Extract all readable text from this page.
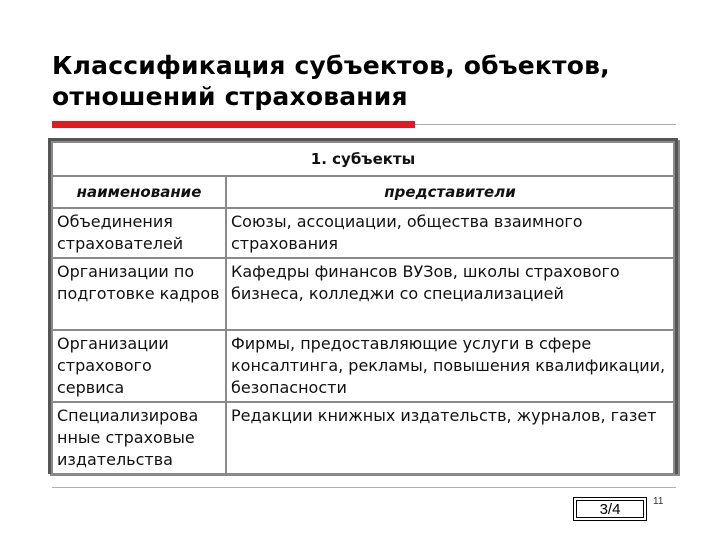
Классификация субъектов, объектов,
отношений страхования
1. субъекты	
наименование	представители
Объединения страхователей	Союзы, ассоциации, общества взаимного страхования
Организации по подготовке кадров	Кафедры финансов ВУЗов, школы страхового бизнеса, колледжи со специализацией
Организации страхового сервиса	Фирмы, предоставляющие услуги в сфере консалтинга, рекламы, повышения квалификации, безопасности
Специализирова нные страховые издательства	Редакции книжных издательств, журналов, газет
3/4	11
